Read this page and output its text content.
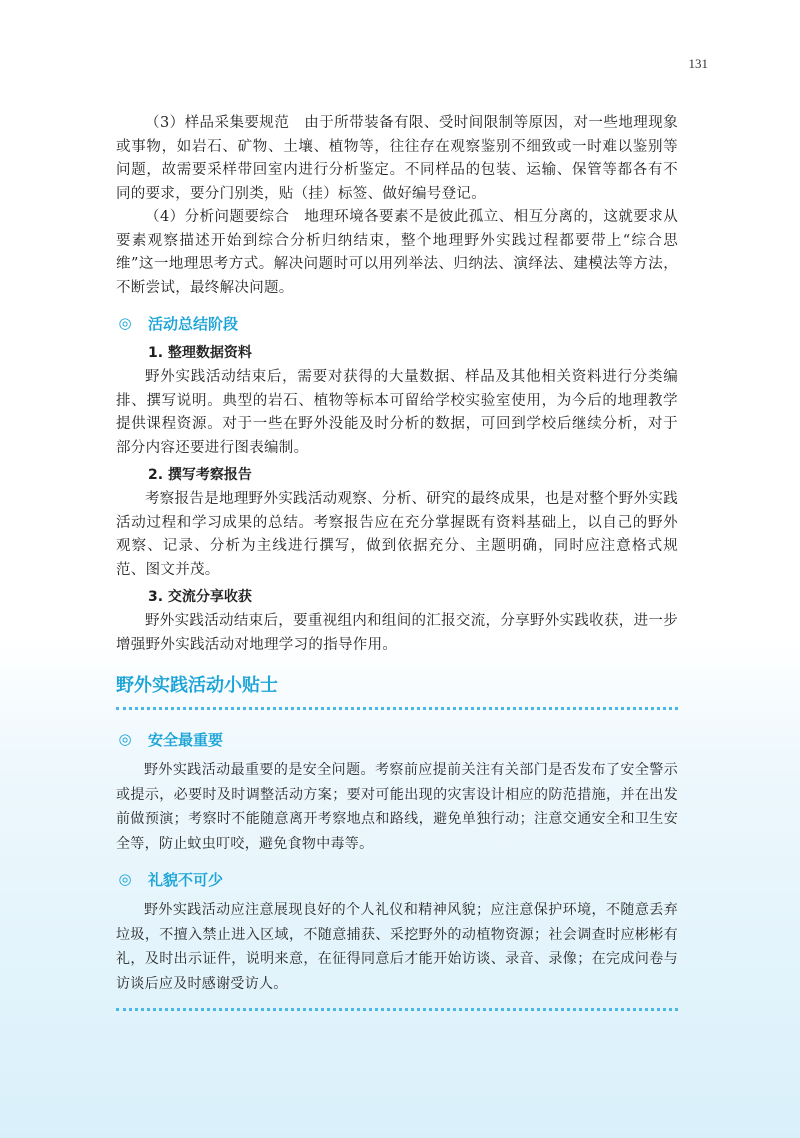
131

（3）样品采集要规范　由于所带装备有限、受时间限制等原因，对一些地理现象或事物，如岩石、矿物、土壤、植物等，往往存在观察鉴别不细致或一时难以鉴别等问题，故需要采样带回室内进行分析鉴定。不同样品的包装、运输、保管等都各有不同的要求，要分门别类，贴（挂）标签、做好编号登记。

（4）分析问题要综合　地理环境各要素不是彼此孤立、相互分离的，这就要求从要素观察描述开始到综合分析归纳结束，整个地理野外实践过程都要带上“综合思维”这一地理思考方式。解决问题时可以用列举法、归纳法、演绎法、建模法等方法，不断尝试，最终解决问题。

◎ 活动总结阶段
1. 整理数据资料

野外实践活动结束后，需要对获得的大量数据、样品及其他相关资料进行分类编排、撰写说明。典型的岩石、植物等标本可留给学校实验室使用，为今后的地理教学提供课程资源。对于一些在野外没能及时分析的数据，可回到学校后继续分析，对于部分内容还要进行图表编制。

2. 撰写考察报告

考察报告是地理野外实践活动观察、分析、研究的最终成果，也是对整个野外实践活动过程和学习成果的总结。考察报告应在充分掌握既有资料基础上，以自己的野外观察、记录、分析为主线进行撰写，做到依据充分、主题明确，同时应注意格式规范、图文并茂。

3. 交流分享收获

野外实践活动结束后，要重视组内和组间的汇报交流，分享野外实践收获，进一步增强野外实践活动对地理学习的指导作用。

野外实践活动小贴士
◎ 安全最重要

野外实践活动最重要的是安全问题。考察前应提前关注有关部门是否发布了安全警示或提示，必要时及时调整活动方案；要对可能出现的灾害设计相应的防范措施，并在出发前做预演；考察时不能随意离开考察地点和路线，避免单独行动；注意交通安全和卫生安全等，防止蚊虫叮咬，避免食物中毒等。

◎ 礼貌不可少

野外实践活动应注意展现良好的个人礼仪和精神风貌；应注意保护环境，不随意丢弃垃圾，不擅入禁止进入区域，不随意捕获、采挖野外的动植物资源；社会调查时应彬彬有礼，及时出示证件，说明来意，在征得同意后才能开始访谈、录音、录像；在完成问卷与访谈后应及时感谢受访人。
